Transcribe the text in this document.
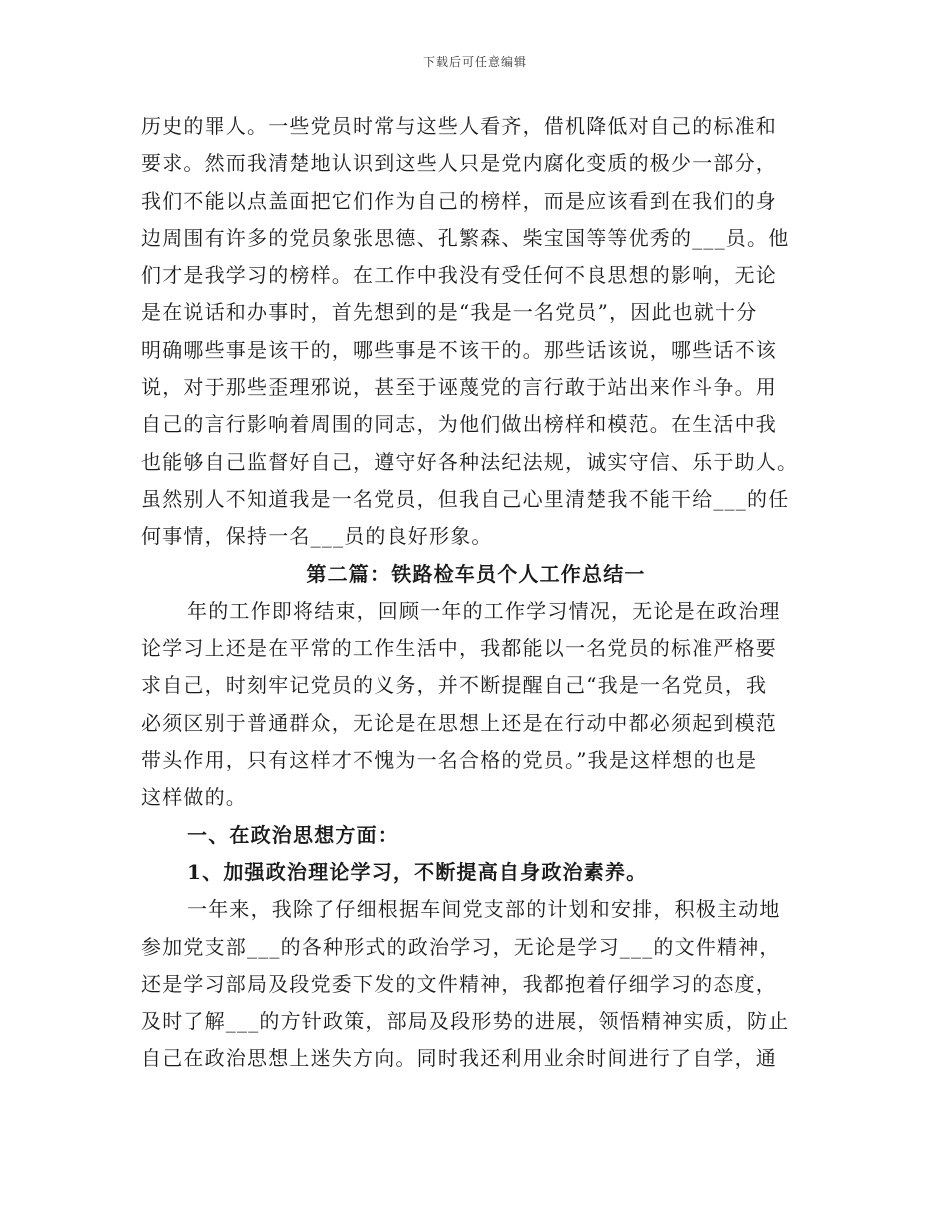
下载后可任意编辑
历史的罪人。一些党员时常与这些人看齐，借机降低对自己的标准和
要求。然而我清楚地认识到这些人只是党内腐化变质的极少一部分，
我们不能以点盖面把它们作为自己的榜样，而是应该看到在我们的身
边周围有许多的党员象张思德、孔繁森、柴宝国等等优秀的___员。他
们才是我学习的榜样。在工作中我没有受任何不良思想的影响，无论
是在说话和办事时，首先想到的是“我是一名党员”，因此也就十分
明确哪些事是该干的，哪些事是不该干的。那些话该说，哪些话不该
说，对于那些歪理邪说，甚至于诬蔑党的言行敢于站出来作斗争。用
自己的言行影响着周围的同志，为他们做出榜样和模范。在生活中我
也能够自己监督好自己，遵守好各种法纪法规，诚实守信、乐于助人。
虽然别人不知道我是一名党员，但我自己心里清楚我不能干给___的任
何事情，保持一名___员的良好形象。
第二篇：铁路检车员个人工作总结一
年的工作即将结束，回顾一年的工作学习情况，无论是在政治理
论学习上还是在平常的工作生活中，我都能以一名党员的标准严格要
求自己，时刻牢记党员的义务，并不断提醒自己“我是一名党员，我
必须区别于普通群众，无论是在思想上还是在行动中都必须起到模范
带头作用，只有这样才不愧为一名合格的党员。”我是这样想的也是
这样做的。
一、在政治思想方面：
1、加强政治理论学习，不断提高自身政治素养。
一年来，我除了仔细根据车间党支部的计划和安排，积极主动地
参加党支部___的各种形式的政治学习，无论是学习___的文件精神，
还是学习部局及段党委下发的文件精神，我都抱着仔细学习的态度，
及时了解___的方针政策，部局及段形势的进展，领悟精神实质，防止
自己在政治思想上迷失方向。同时我还利用业余时间进行了自学，通
